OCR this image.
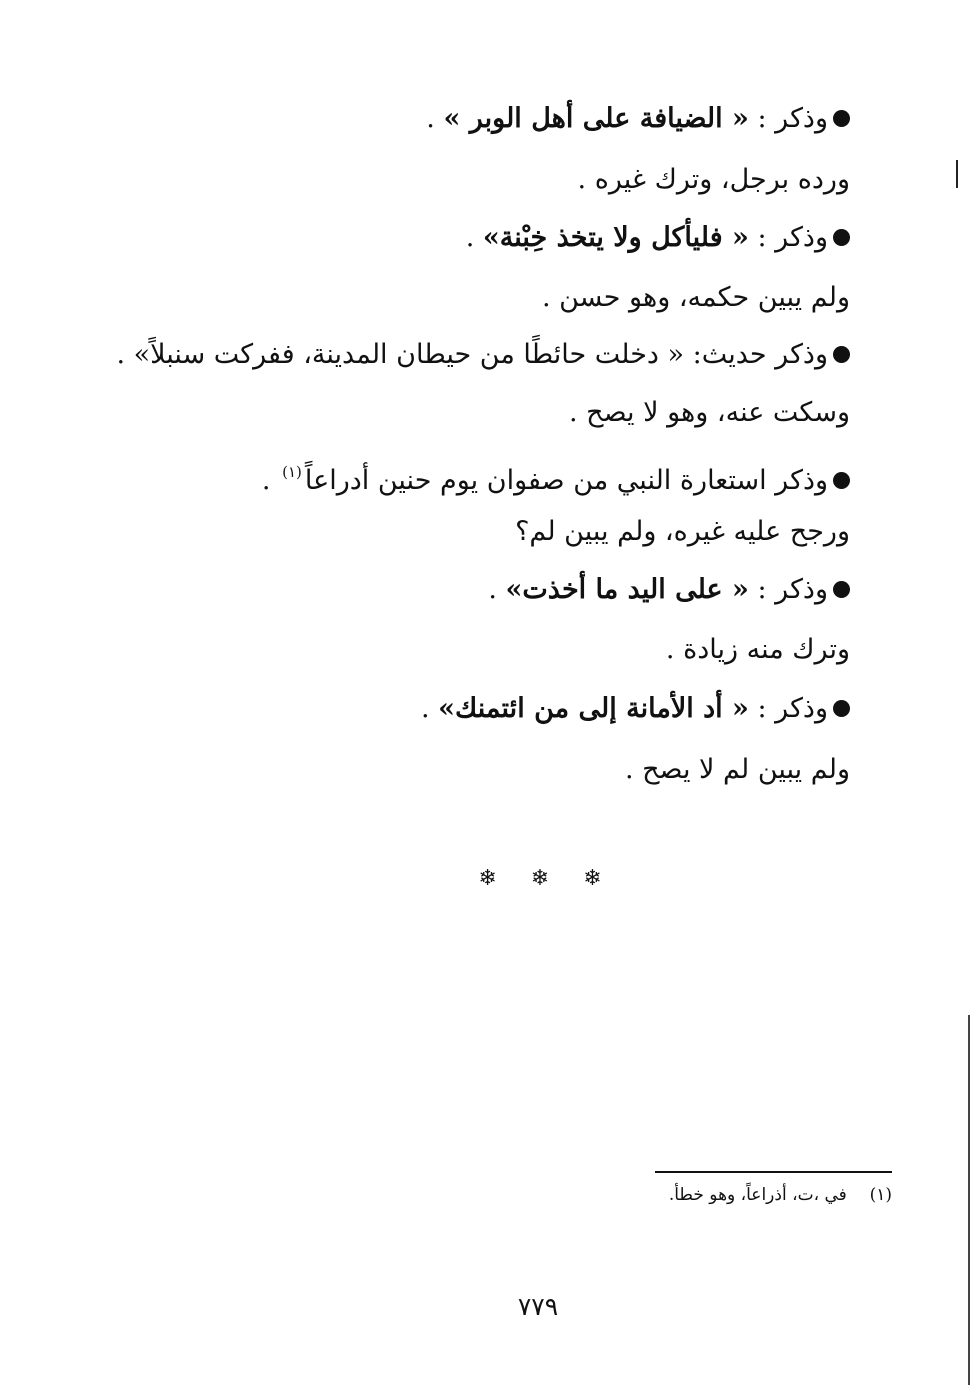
وذكر : « الضيافة على أهل الوبر » .
ورده برجل، وترك غيره .
وذكر : « فليأكل ولا يتخذ خِبْنة» .
ولم يبين حكمه، وهو حسن .
وذكر حديث: « دخلت حائطًا من حيطان المدينة، ففركت سنبلاً» .
وسكت عنه، وهو لا يصح .
وذكر استعارة النبي من صفوان يوم حنين أدراعاً$^{(١)}$ .
ورجح عليه غيره، ولم يبين لم؟
وذكر : « على اليد ما أخذت» .
وترك منه زيادة .
وذكر : « أد الأمانة إلى من ائتمنك» .
ولم يبين لم لا يصح .
❄ ❄ ❄
(١)  في ،ت، أذراعاً، وهو خطأ.
٧٧٩
